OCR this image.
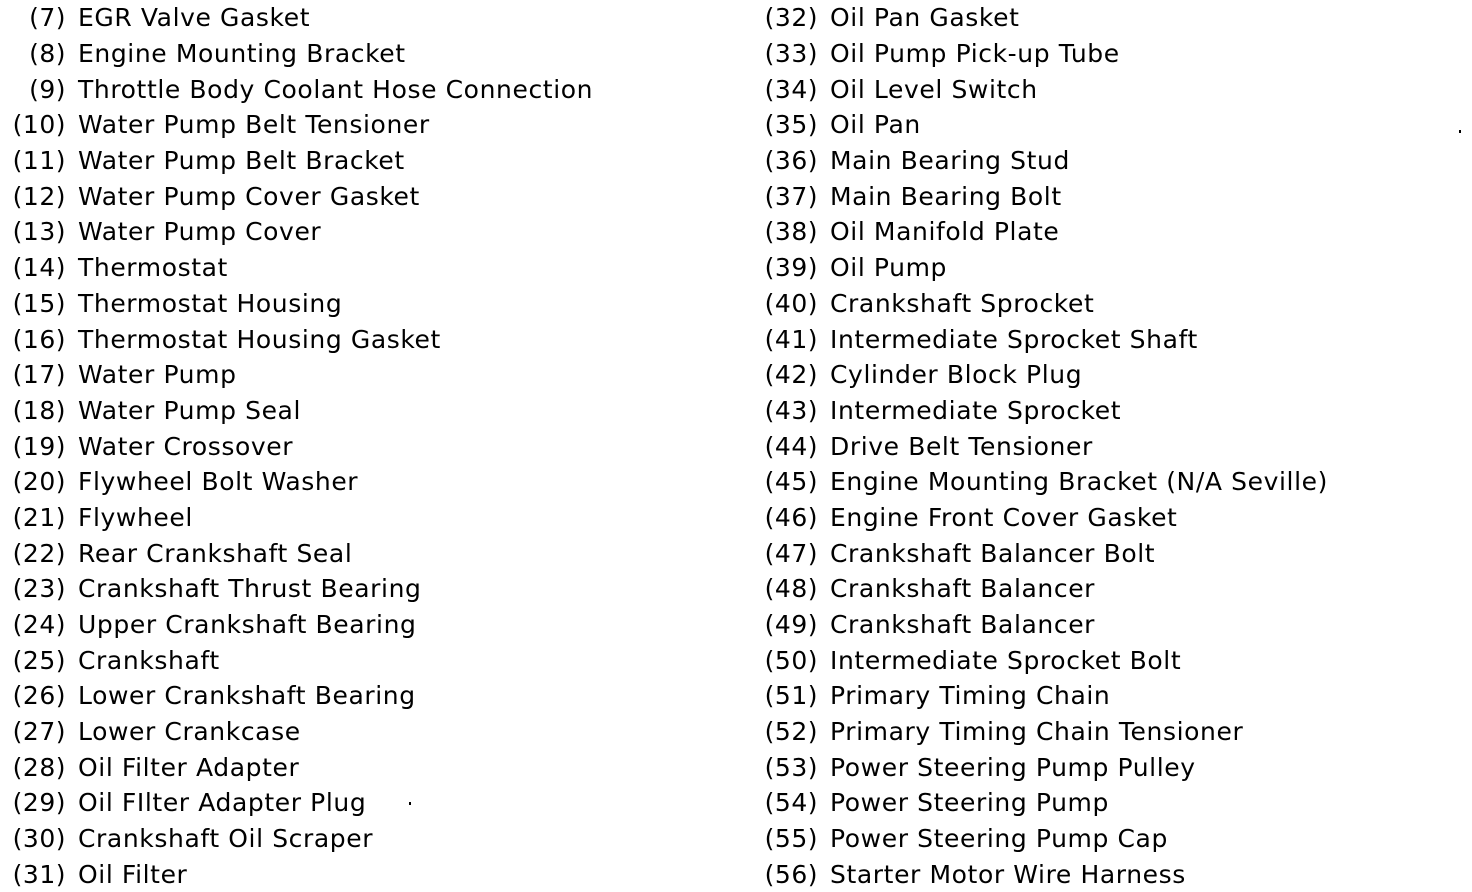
(7) EGR Valve Gasket
(8) Engine Mounting Bracket
(9) Throttle Body Coolant Hose Connection
(10) Water Pump Belt Tensioner
(11) Water Pump Belt Bracket
(12) Water Pump Cover Gasket
(13) Water Pump Cover
(14) Thermostat
(15) Thermostat Housing
(16) Thermostat Housing Gasket
(17) Water Pump
(18) Water Pump Seal
(19) Water Crossover
(20) Flywheel Bolt Washer
(21) Flywheel
(22) Rear Crankshaft Seal
(23) Crankshaft Thrust Bearing
(24) Upper Crankshaft Bearing
(25) Crankshaft
(26) Lower Crankshaft Bearing
(27) Lower Crankcase
(28) Oil Filter Adapter
(29) Oil FIlter Adapter Plug
(30) Crankshaft Oil Scraper
(31) Oil Filter
(32) Oil Pan Gasket
(33) Oil Pump Pick-up Tube
(34) Oil Level Switch
(35) Oil Pan
(36) Main Bearing Stud
(37) Main Bearing Bolt
(38) Oil Manifold Plate
(39) Oil Pump
(40) Crankshaft Sprocket
(41) Intermediate Sprocket Shaft
(42) Cylinder Block Plug
(43) Intermediate Sprocket
(44) Drive Belt Tensioner
(45) Engine Mounting Bracket (N/A Seville)
(46) Engine Front Cover Gasket
(47) Crankshaft Balancer Bolt
(48) Crankshaft Balancer
(49) Crankshaft Balancer
(50) Intermediate Sprocket Bolt
(51) Primary Timing Chain
(52) Primary Timing Chain Tensioner
(53) Power Steering Pump Pulley
(54) Power Steering Pump
(55) Power Steering Pump Cap
(56) Starter Motor Wire Harness
